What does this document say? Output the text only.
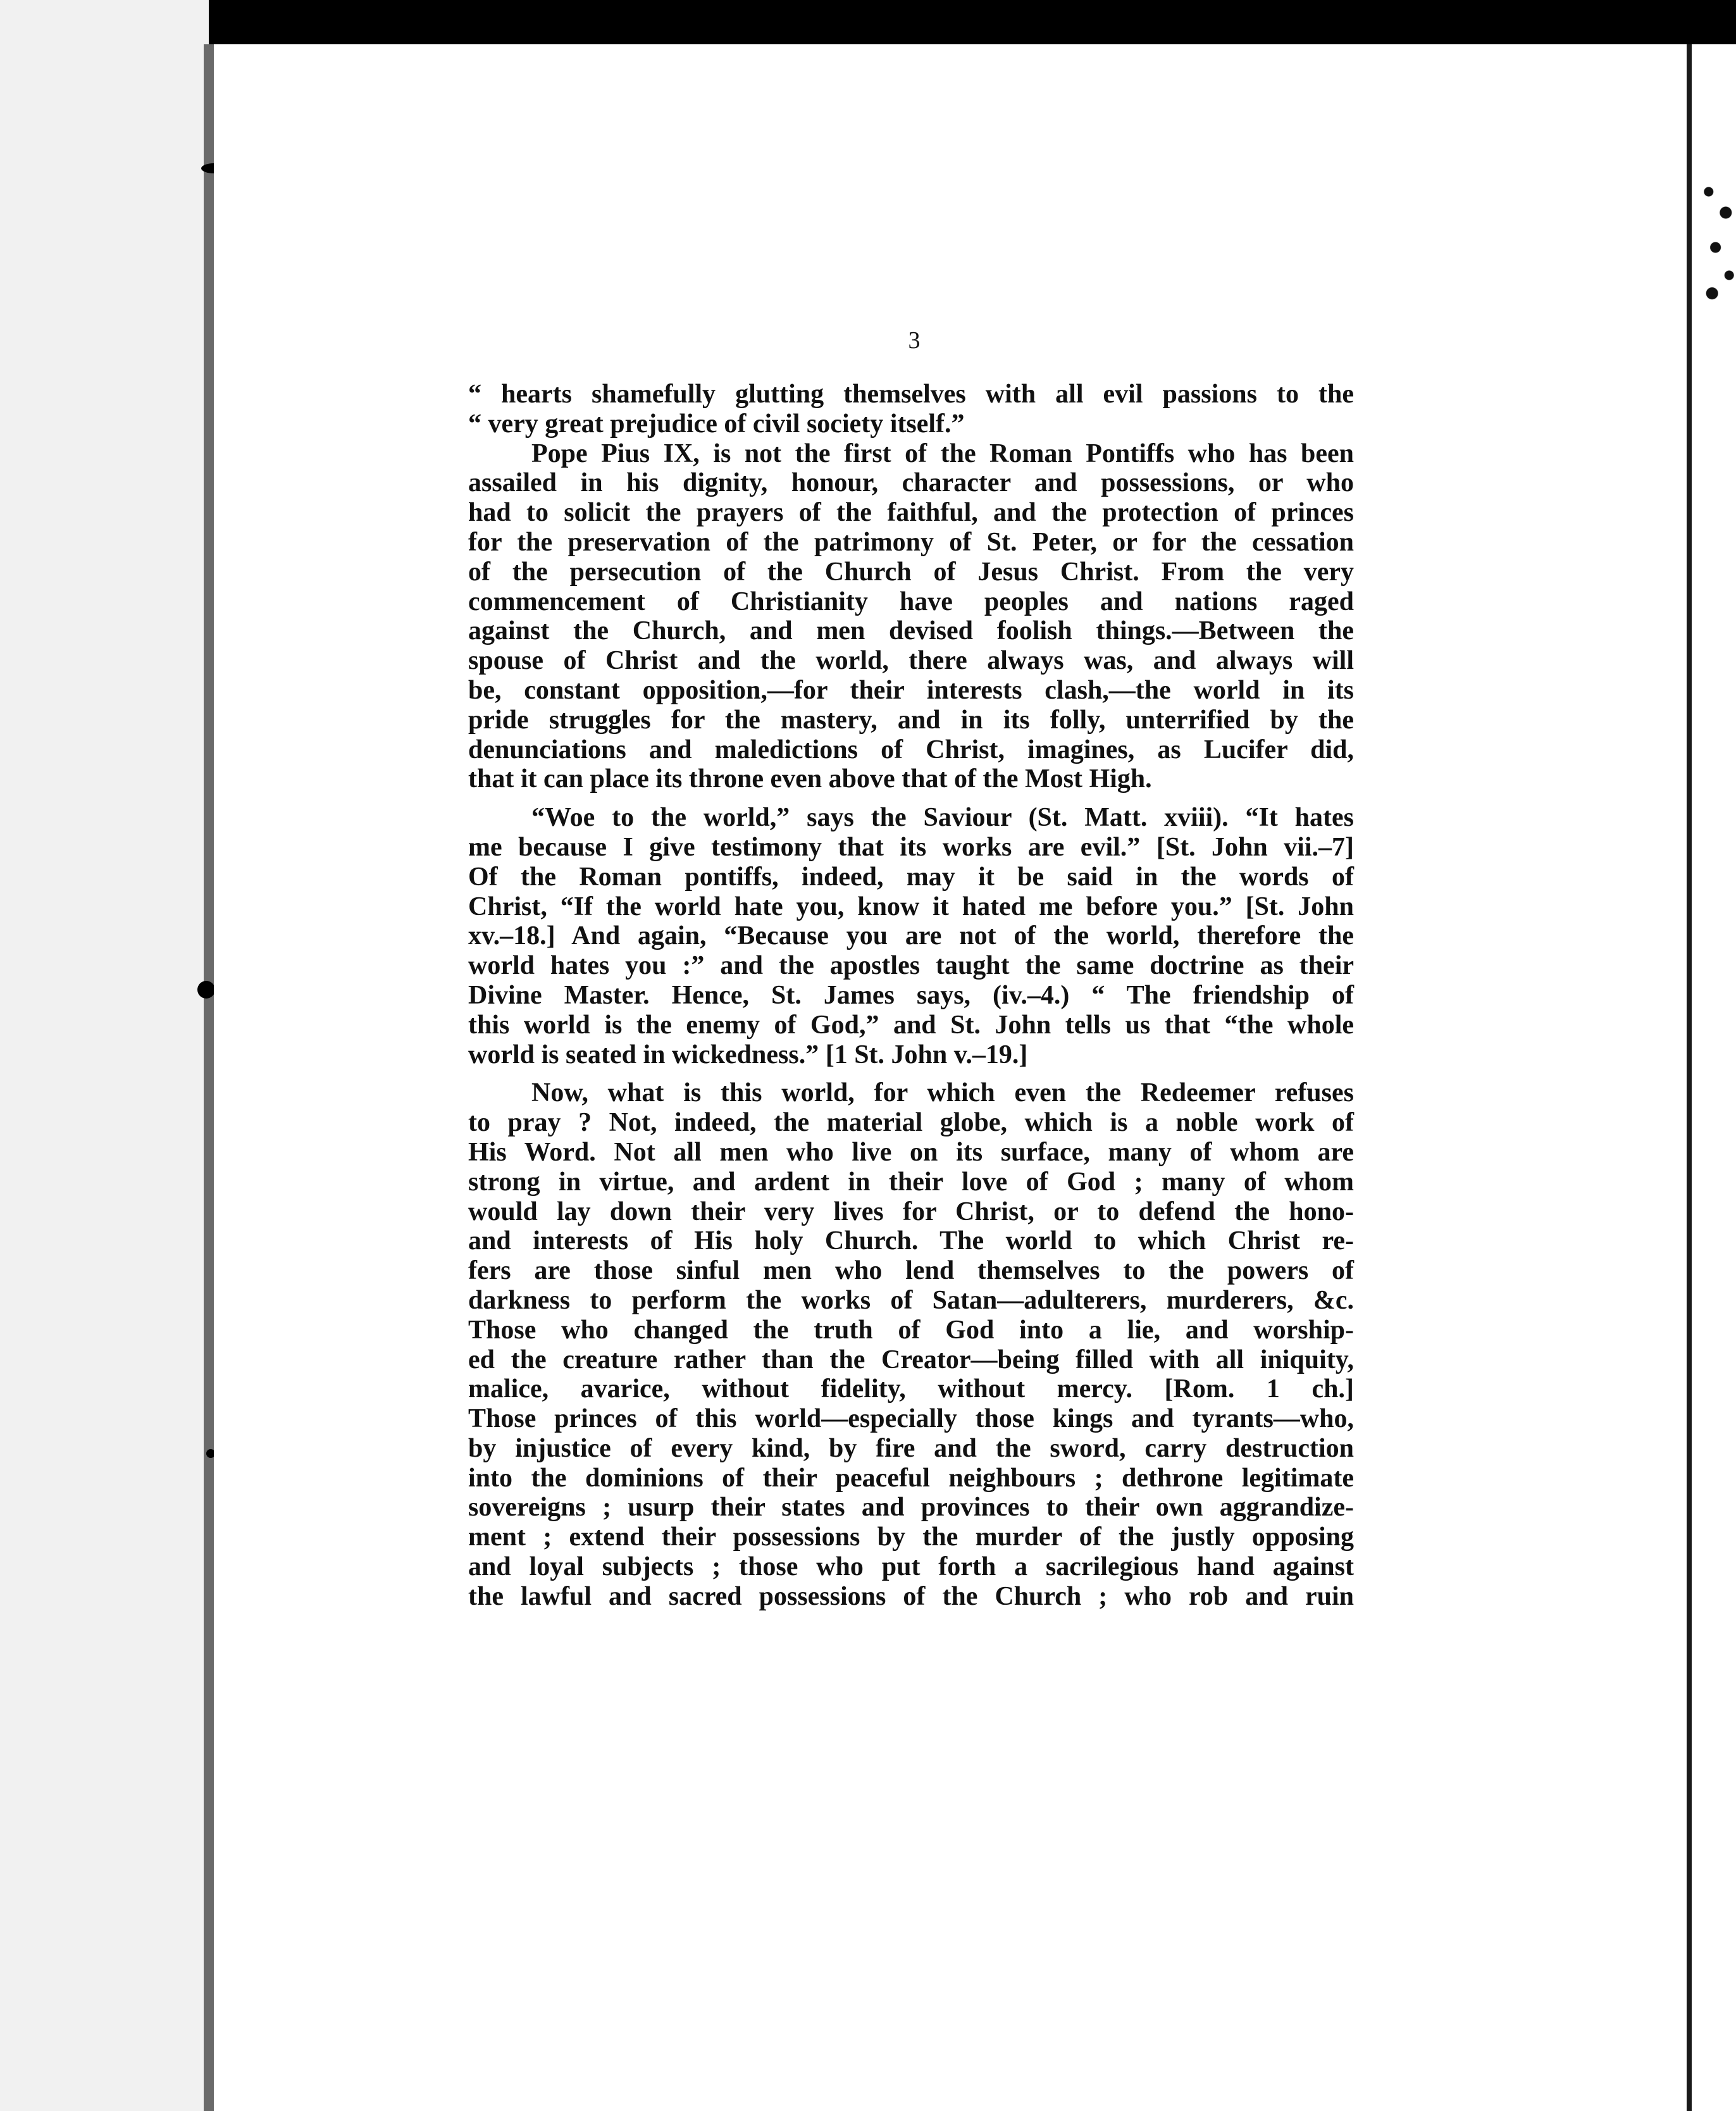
3
“ hearts shamefully glutting themselves with all evil passions to the
“ very great prejudice of civil society itself.”
Pope Pius IX, is not the first of the Roman Pontiffs who has been
assailed in his dignity, honour, character and possessions, or who
had to solicit the prayers of the faithful, and the protection of princes
for the preservation of the patrimony of St. Peter, or for the cessation
of the persecution of the Church of Jesus Christ. From the very
commencement of Christianity have peoples and nations raged
against the Church, and men devised foolish things.—Between the
spouse of Christ and the world, there always was, and always will
be, constant opposition,—for their interests clash,—the world in its
pride struggles for the mastery, and in its folly, unterrified by the
denunciations and maledictions of Christ, imagines, as Lucifer did,
that it can place its throne even above that of the Most High.
“Woe to the world,” says the Saviour (St. Matt. xviii). “It hates
me because I give testimony that its works are evil.” [St. John vii.–7]
Of the Roman pontiffs, indeed, may it be said in the words of
Christ, “If the world hate you, know it hated me before you.” [St. John
xv.–18.] And again, “Because you are not of the world, therefore the
world hates you :” and the apostles taught the same doctrine as their
Divine Master. Hence, St. James says, (iv.–4.) “ The friendship of
this world is the enemy of God,” and St. John tells us that “the whole
world is seated in wickedness.” [1 St. John v.–19.]
Now, what is this world, for which even the Redeemer refuses
to pray ? Not, indeed, the material globe, which is a noble work of
His Word. Not all men who live on its surface, many of whom are
strong in virtue, and ardent in their love of God ; many of whom
would lay down their very lives for Christ, or to defend the hono-
and interests of His holy Church. The world to which Christ re-
fers are those sinful men who lend themselves to the powers of
darkness to perform the works of Satan—adulterers, murderers, &c.
Those who changed the truth of God into a lie, and worship-
ed the creature rather than the Creator—being filled with all iniquity,
malice, avarice, without fidelity, without mercy. [Rom. 1 ch.]
Those princes of this world—especially those kings and tyrants—who,
by injustice of every kind, by fire and the sword, carry destruction
into the dominions of their peaceful neighbours ; dethrone legitimate
sovereigns ; usurp their states and provinces to their own aggrandize-
ment ; extend their possessions by the murder of the justly opposing
and loyal subjects ; those who put forth a sacrilegious hand against
the lawful and sacred possessions of the Church ; who rob and ruin
